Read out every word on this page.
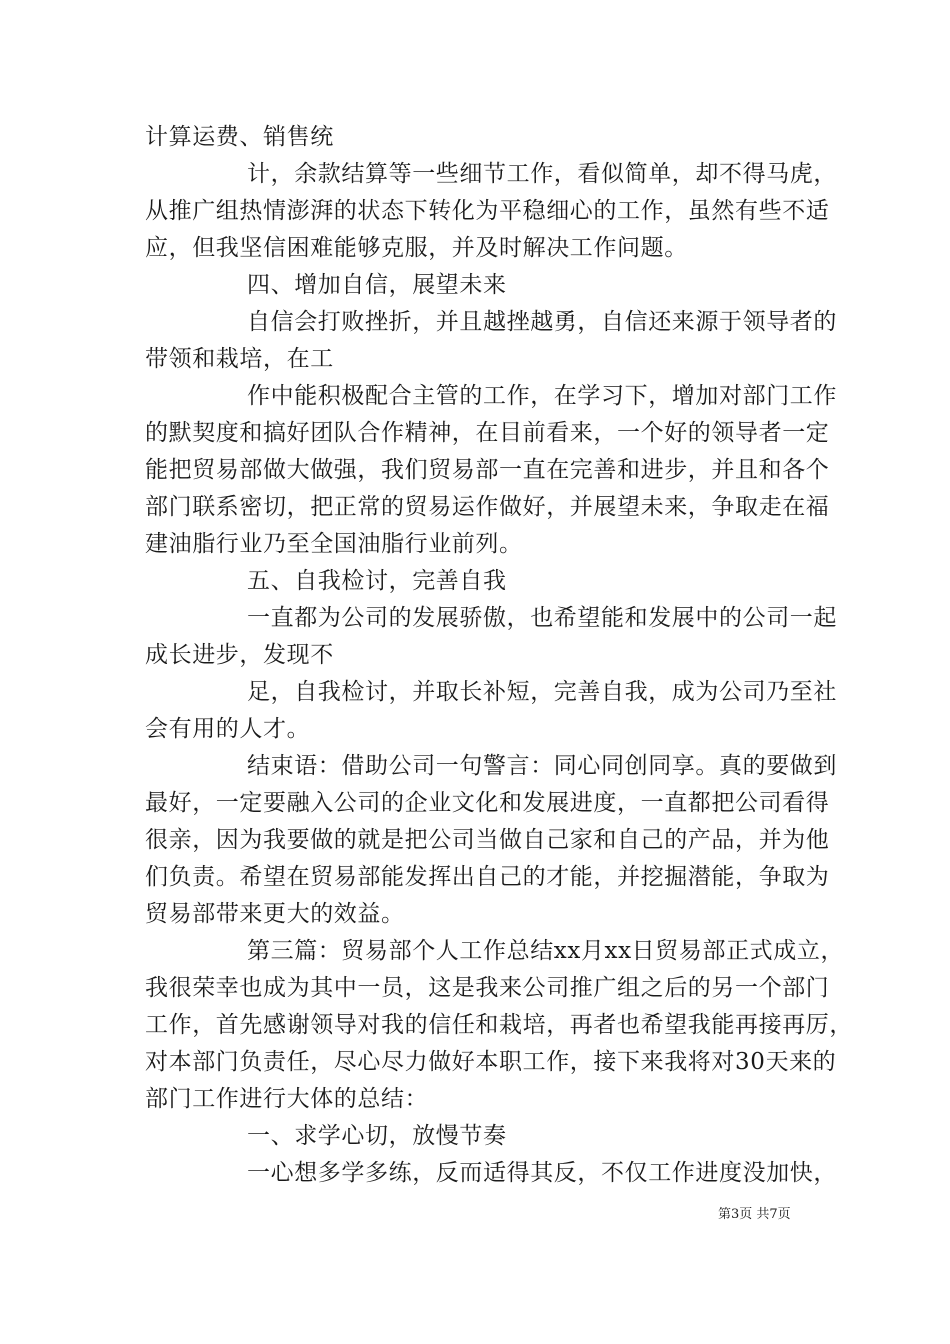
计算运费、销售统
计，余款结算等一些细节工作，看似简单，却不得马虎，
从推广组热情澎湃的状态下转化为平稳细心的工作，虽然有些不适
应，但我坚信困难能够克服，并及时解决工作问题。
四、增加自信，展望未来
自信会打败挫折，并且越挫越勇，自信还来源于领导者的
带领和栽培，在工
作中能积极配合主管的工作，在学习下，增加对部门工作
的默契度和搞好团队合作精神，在目前看来，一个好的领导者一定
能把贸易部做大做强，我们贸易部一直在完善和进步，并且和各个
部门联系密切，把正常的贸易运作做好，并展望未来，争取走在福
建油脂行业乃至全国油脂行业前列。
五、自我检讨，完善自我
一直都为公司的发展骄傲，也希望能和发展中的公司一起
成长进步，发现不
足，自我检讨，并取长补短，完善自我，成为公司乃至社
会有用的人才。
结束语：借助公司一句警言：同心同创同享。真的要做到
最好，一定要融入公司的企业文化和发展进度，一直都把公司看得
很亲，因为我要做的就是把公司当做自己家和自己的产品，并为他
们负责。希望在贸易部能发挥出自己的才能，并挖掘潜能，争取为
贸易部带来更大的效益。
第三篇：贸易部个人工作总结xx月xx日贸易部正式成立，
我很荣幸也成为其中一员，这是我来公司推广组之后的另一个部门
工作，首先感谢领导对我的信任和栽培，再者也希望我能再接再厉，
对本部门负责任，尽心尽力做好本职工作，接下来我将对30天来的
部门工作进行大体的总结：
一、求学心切，放慢节奏
一心想多学多练，反而适得其反，不仅工作进度没加快，
第3页 共7页
